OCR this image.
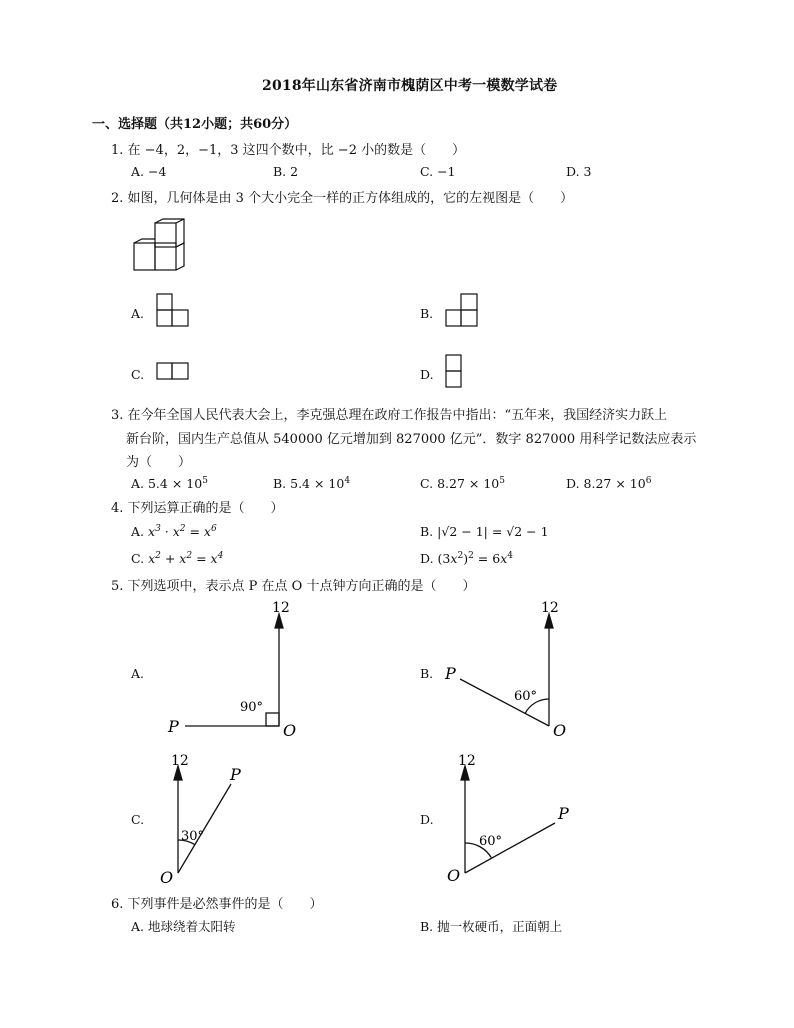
2018年山东省济南市槐荫区中考一模数学试卷
一、选择题（共12小题；共60分）
1. 在 −4，2，−1，3 这四个数中，比 −2 小的数是（　　）
A. −4	B. 2	C. −1	D. 3
2. 如图，几何体是由 3 个大小完全一样的正方体组成的，它的左视图是（　　）
A.	B.
C.	D.
3. 在今年全国人民代表大会上，李克强总理在政府工作报告中指出：“五年来，我国经济实力跃上
新台阶，国内生产总值从 540000 亿元增加到 827000 亿元”．数字 827000 用科学记数法应表示
为（　　）
A. $5.4 \times 10^5$	B. $5.4 \times 10^4$	C. $8.27 \times 10^5$	D. $8.27 \times 10^6$
4. 下列运算正确的是（　　）
A. $x^3 \cdot x^2 = x^6$	B. |√2 − 1| = √2 − 1
C. $x^2 + x^2 = x^4$	D. $(3x^2)^2 = 6x^4$
5. 下列选项中，表示点 P 在点 O 十点钟方向正确的是（　　）
A.
12
P	O
90°
B.
12
P
O
60°
C.
12
P
O
30°
D.
12
P
O
60°
6. 下列事件是必然事件的是（　　）
A. 地球绕着太阳转	B. 抛一枚硬币，正面朝上
